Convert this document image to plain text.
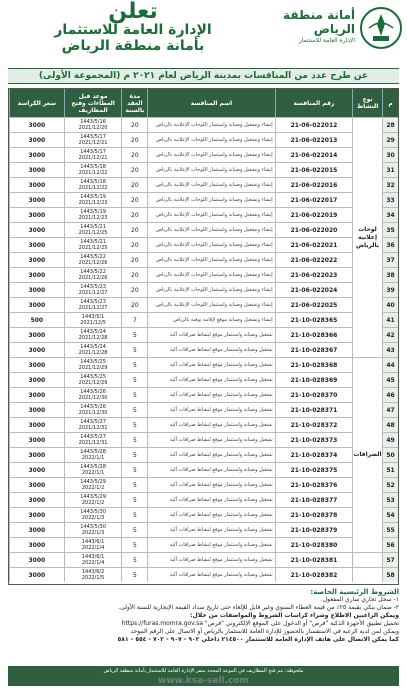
أمانة منطقة الرياض
الإدارة العامة للاستثمار
تعلن
الإدارة العامة للاستثمار
بأمانة منطقة الرياض
عن طرح عدد من المنافسات بمدينة الرياض لعام ٢٠٢١ م (المجموعة الأولى)
م
نوع النشاط
رقم المنافسة
اسم المنافسة
مدة العقد بالسنة
موعد قبل العطاءات وفتح المظاريف
سعر الكراسة
28
21-06-022012
إنشاء وتشغيل وصيانة واستثمار اللوحات الإعلانية بالرياض
20
1443/5/16
2021/12/20
3000
29
21-06-022013
إنشاء وتشغيل وصيانة واستثمار اللوحات الإعلانية بالرياض
20
1443/5/17
2021/12/21
3000
30
21-06-022014
إنشاء وتشغيل وصيانة واستثمار اللوحات الإعلانية بالرياض
20
1443/5/17
2021/12/21
3000
31
21-06-022015
إنشاء وتشغيل وصيانة واستثمار اللوحات الإعلانية بالرياض
20
1443/5/18
2021/12/22
3000
32
21-06-022016
إنشاء وتشغيل وصيانة واستثمار اللوحات الإعلانية بالرياض
20
1443/5/18
2021/12/22
3000
33
21-06-022017
إنشاء وتشغيل وصيانة واستثمار اللوحات الإعلانية بالرياض
20
1443/5/19
2021/12/23
3000
34
21-06-022019
إنشاء وتشغيل وصيانة واستثمار اللوحات الإعلانية بالرياض
20
1443/5/19
2021/12/23
3000
35
21-06-022020
إنشاء وتشغيل وصيانة واستثمار اللوحات الإعلانية بالرياض
20
1443/5/21
2021/12/25
3000
36
21-06-022021
إنشاء وتشغيل وصيانة واستثمار اللوحات الإعلانية بالرياض
20
1443/5/21
2021/12/25
3000
37
21-06-022022
إنشاء وتشغيل وصيانة واستثمار اللوحات الإعلانية بالرياض
20
1443/5/22
2021/12/26
3000
38
21-06-022023
إنشاء وتشغيل وصيانة واستثمار اللوحات الإعلانية بالرياض
20
1443/5/22
2021/12/26
3000
39
21-06-022024
إنشاء وتشغيل وصيانة واستثمار اللوحات الإعلانية بالرياض
20
1443/5/23
2021/12/27
3000
40
21-06-022025
إنشاء وتشغيل وصيانة واستثمار اللوحات الإعلانية بالرياض
20
1443/5/23
2021/12/27
3000
41
21-10-028365
إنشاء وتشغيل وصيانة موقع لإقامة بوفية بالرياض
7
1443/5/1
2021/12/5
500
42
21-10-028366
تشغيل وصيانة واستثمار موقع لنشاط صرافات آلية
5
1443/5/24
2021/12/28
3000
43
21-10-028367
تشغيل وصيانة واستثمار موقع لنشاط صرافات آلية
5
1443/5/24
2021/12/28
3000
44
21-10-028368
تشغيل وصيانة واستثمار موقع لنشاط صرافات آلية
5
1443/5/25
2021/12/29
3000
45
21-10-028369
تشغيل وصيانة واستثمار موقع لنشاط صرافات آلية
5
1443/5/25
2021/12/29
3000
46
21-10-028370
تشغيل وصيانة واستثمار موقع لنشاط صرافات آلية
5
1443/5/26
2021/12/30
3000
47
21-10-028371
تشغيل وصيانة واستثمار موقع لنشاط صرافات آلية
5
1443/5/26
2021/12/30
3000
48
21-10-028372
تشغيل وصيانة واستثمار موقع لنشاط صرافات آلية
5
1443/5/27
2021/12/31
3000
49
21-10-028373
تشغيل وصيانة واستثمار موقع لنشاط صرافات آلية
5
1443/5/27
2021/12/31
3000
50
21-10-028374
تشغيل وصيانة واستثمار موقع لنشاط صرافات آلية
5
1443/5/28
2022/1/1
3000
51
21-10-028375
تشغيل وصيانة واستثمار موقع لنشاط صرافات آلية
5
1443/5/28
2022/1/1
3000
52
21-10-028376
تشغيل وصيانة واستثمار موقع لنشاط صرافات آلية
5
1443/5/29
2022/1/2
3000
53
21-10-028377
تشغيل وصيانة واستثمار موقع لنشاط صرافات آلية
5
1443/5/29
2022/1/2
3000
54
21-10-028378
تشغيل وصيانة واستثمار موقع لنشاط صرافات آلية
5
1443/5/30
2022/1/3
3000
55
21-10-028379
تشغيل وصيانة واستثمار موقع لنشاط صرافات آلية
5
1443/5/30
2022/1/3
3000
56
21-10-028380
تشغيل وصيانة واستثمار موقع لنشاط صرافات آلية
5
1443/6/1
2022/1/4
3000
57
21-10-028381
تشغيل وصيانة واستثمار موقع لنشاط صرافات آلية
5
1443/6/1
2022/1/4
3000
58
21-10-028382
تشغيل وصيانة واستثمار موقع لنشاط صرافات آلية
5
1443/6/2
2022/1/5
3000
لوحات إعلانية بالرياض
الصرافات

الشروط الرئيسية الخاصة:

١- سجل تجاري ساري المفعول.

٢- ضمان بنكي بقيمة ٢٥٪ من قيمة العطاء السنوي وغير قابل للإلغاء حتى تاريخ سداد القيمة الإيجارية للسنة الأولى.

ويمكن الراغبين الاطلاع وشراء كراسات الشروط والمواصفات من خلال:

تحميل تطبيق الأجهزة الذكية "فرص" أو الدخول على الموقع الإلكتروني "فرص" https://furas.momra.gov.sa

ويمكن لمن لديه الرغبة في الاستفسار بالحضور للإدارة العامة للاستثمار بالرياض أو الاتصال على الرقم الموحد

كما يمكن الاتصال على هاتف الإدارة العامة للاستثمار ٢١٤٥٠٠ داخلي ٩٠٢ - ٩٠٧ - ٧٠٢ - ٥٥٤ - ٥٨١

ملحوظة: يتم فتح المظاريف في الموعد المحدد بمقر الإدارة العامة للاستثمار بأمانة منطقة الرياض
www.ksa-sell.com
